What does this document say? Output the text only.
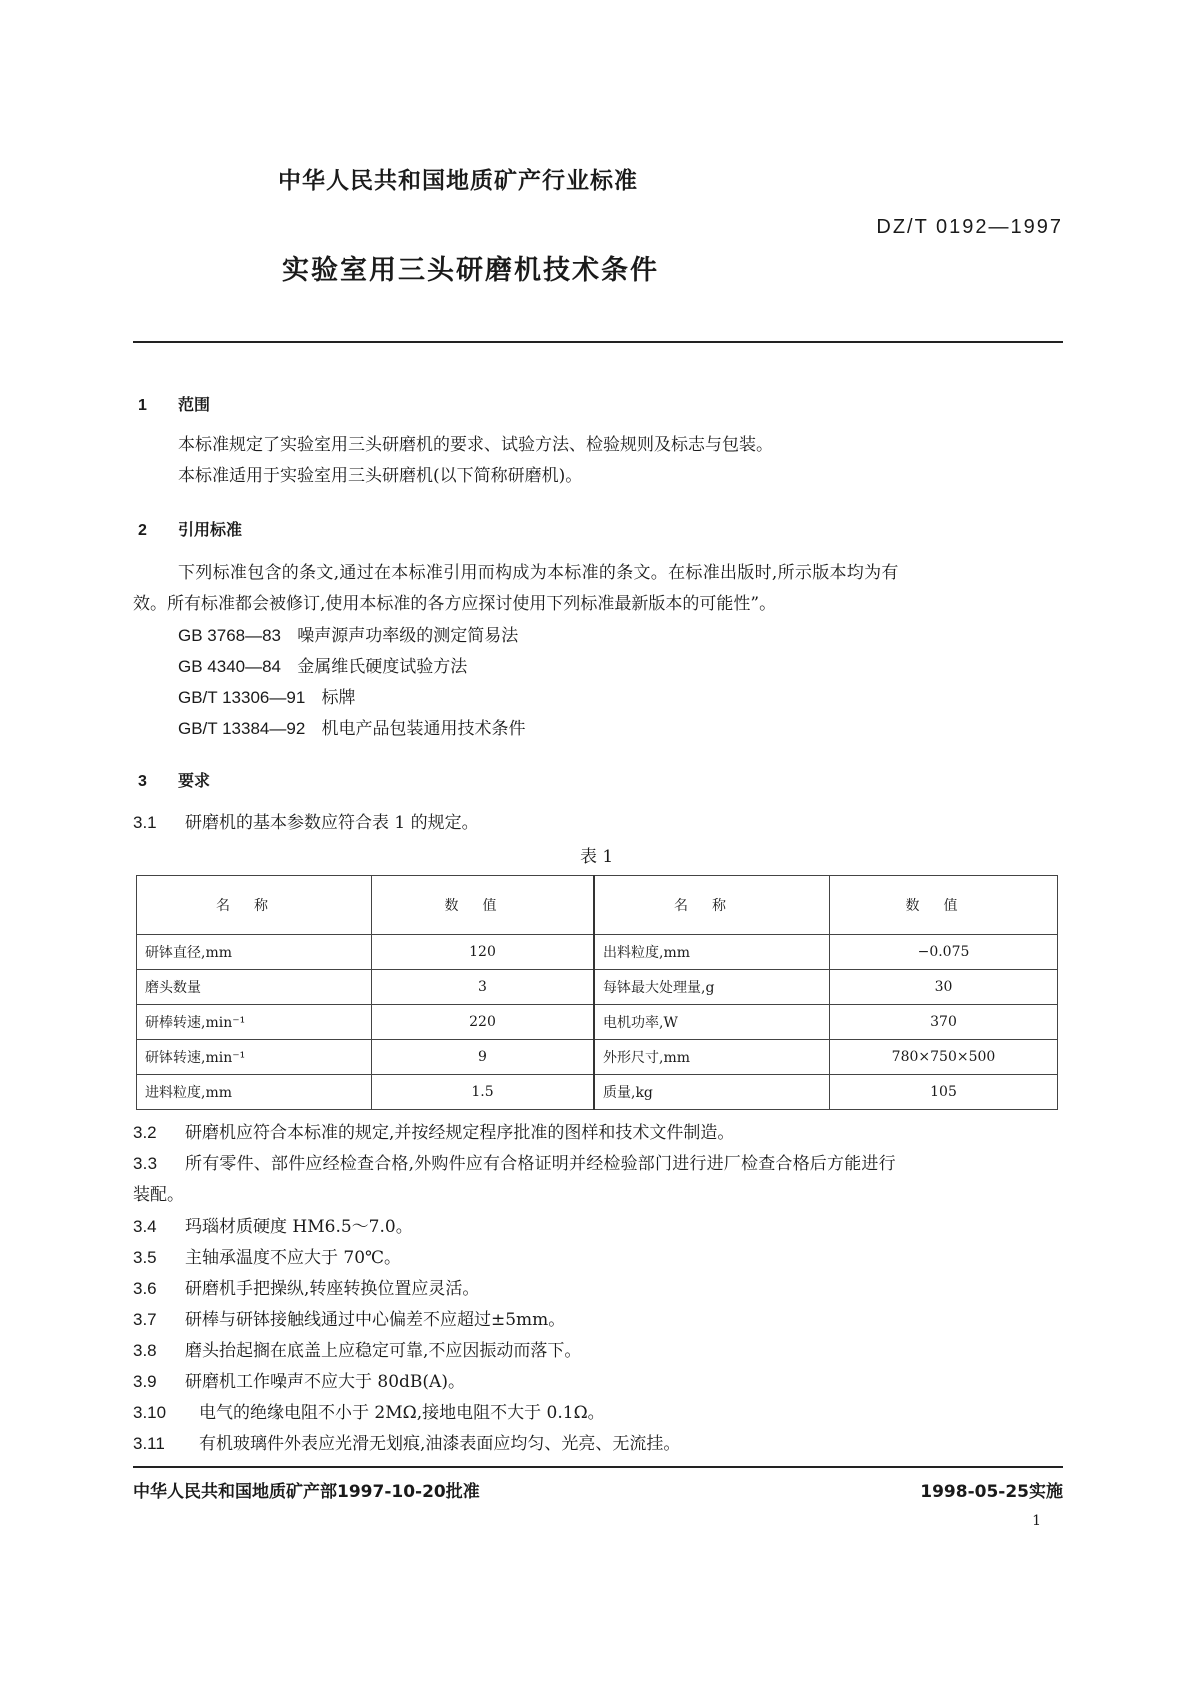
中华人民共和国地质矿产行业标准
DZ/T 0192—1997
实验室用三头研磨机技术条件
1 范围
本标准规定了实验室用三头研磨机的要求、试验方法、检验规则及标志与包装。
本标准适用于实验室用三头研磨机(以下简称研磨机)。
2 引用标准
下列标准包含的条文,通过在本标准引用而构成为本标准的条文。在标准出版时,所示版本均为有
效。所有标准都会被修订,使用本标准的各方应探讨使用下列标准最新版本的可能性”。
GB 3768—83 噪声源声功率级的测定简易法
GB 4340—84 金属维氏硬度试验方法
GB/T 13306—91 标牌
GB/T 13384—92 机电产品包装通用技术条件
3 要求
3.1 研磨机的基本参数应符合表 1 的规定。
表 1
名称	数值	名称	数值
研钵直径,mm	120	出料粒度,mm	−0.075
磨头数量	3	每钵最大处理量,g	30
研棒转速,min⁻¹	220	电机功率,W	370
研钵转速,min⁻¹	9	外形尺寸,mm	780×750×500
进料粒度,mm	1.5	质量,kg	105
3.2 研磨机应符合本标准的规定,并按经规定程序批准的图样和技术文件制造。
3.3 所有零件、部件应经检查合格,外购件应有合格证明并经检验部门进行进厂检查合格后方能进行
装配。
3.4 玛瑙材质硬度 HM6.5～7.0。
3.5 主轴承温度不应大于 70℃。
3.6 研磨机手把操纵,转座转换位置应灵活。
3.7 研棒与研钵接触线通过中心偏差不应超过±5mm。
3.8 磨头抬起搁在底盖上应稳定可靠,不应因振动而落下。
3.9 研磨机工作噪声不应大于 80dB(A)。
3.10 电气的绝缘电阻不小于 2MΩ,接地电阻不大于 0.1Ω。
3.11 有机玻璃件外表应光滑无划痕,油漆表面应均匀、光亮、无流挂。
中华人民共和国地质矿产部1997-10-20批准	1998-05-25实施
1
